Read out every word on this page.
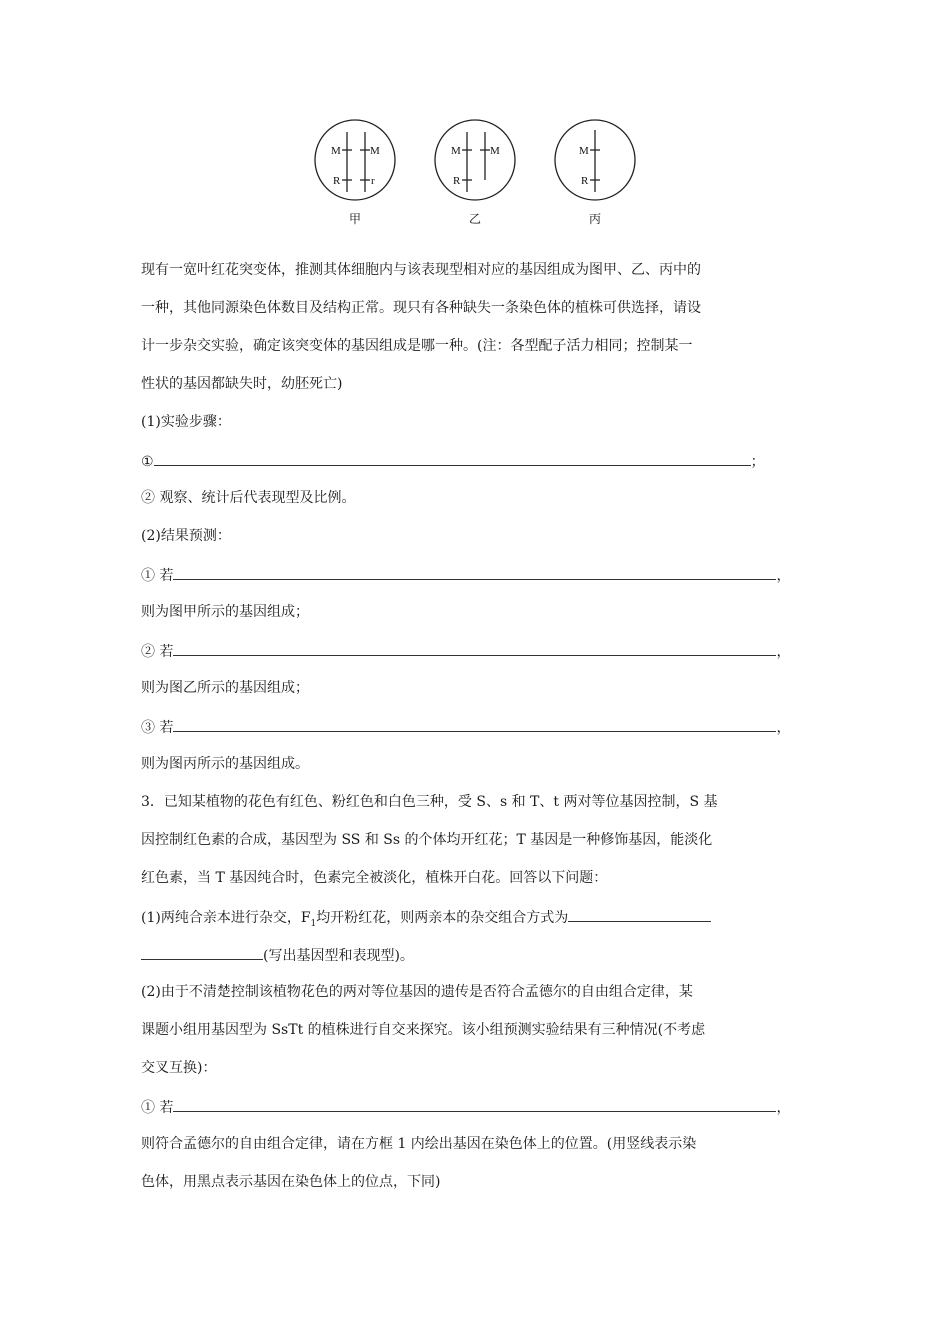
M
R
M
r
M
R
M	M
R
甲	乙	丙
现有一宽叶红花突变体，推测其体细胞内与该表现型相对应的基因组成为图甲、乙、丙中的
一种，其他同源染色体数目及结构正常。现只有各种缺失一条染色体的植株可供选择，请设
计一步杂交实验，确定该突变体的基因组成是哪一种。(注：各型配子活力相同；控制某一
性状的基因都缺失时，幼胚死亡)
(1)实验步骤：
①	；
② 观察、统计后代表现型及比例。
(2)结果预测：
① 若	，
则为图甲所示的基因组成；
② 若	，
则为图乙所示的基因组成；
③ 若	，
则为图丙所示的基因组成。
3．已知某植物的花色有红色、粉红色和白色三种，受 S、s 和 T、t 两对等位基因控制，S 基
因控制红色素的合成，基因型为 SS 和 Ss 的个体均开红花；T 基因是一种修饰基因，能淡化
红色素，当 T 基因纯合时，色素完全被淡化，植株开白花。回答以下问题：
(1)两纯合亲本进行杂交，$F_1$均开粉红花，则两亲本的杂交组合方式为
(写出基因型和表现型)。
(2)由于不清楚控制该植物花色的两对等位基因的遗传是否符合孟德尔的自由组合定律，某
课题小组用基因型为 SsTt 的植株进行自交来探究。该小组预测实验结果有三种情况(不考虑
交叉互换)：
① 若	，
则符合孟德尔的自由组合定律，请在方框 1 内绘出基因在染色体上的位置。(用竖线表示染
色体，用黑点表示基因在染色体上的位点，下同)
